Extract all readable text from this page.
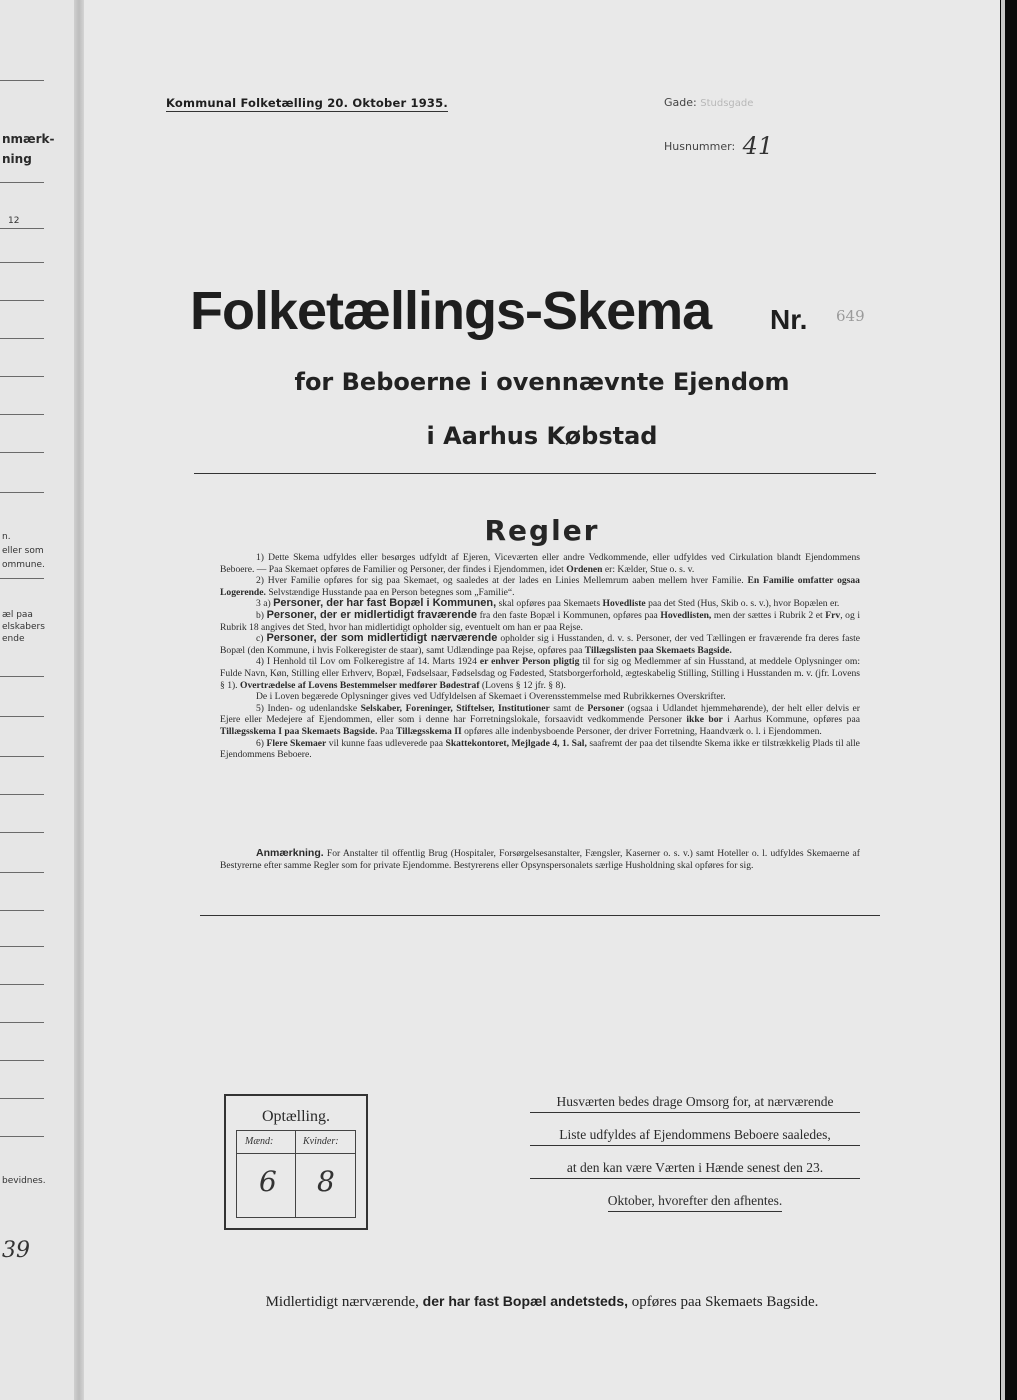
nmærk-
ning
12
n.
eller som
ommune.
æl paa
elskabers
ende
bevidnes.
39
Kommunal Folketælling 20. Oktober 1935.	Gade: Studsgade
Husnummer: 41
Folketællings-Skema Nr. 649
for Beboerne i ovennævnte Ejendom
i Aarhus Købstad
Regler

1) Dette Skema udfyldes eller besørges udfyldt af Ejeren, Viceværten eller andre Vedkommende, eller udfyldes ved Cirkulation blandt Ejendommens Beboere. — Paa Skemaet opføres de Familier og Personer, der findes i Ejendommen, idet Ordenen er: Kælder, Stue o. s. v.

2) Hver Familie opføres for sig paa Skemaet, og saaledes at der lades en Linies Mellemrum aaben mellem hver Familie. En Familie omfatter ogsaa Logerende. Selvstændige Husstande paa en Person betegnes som „Familie“.

3 a) Personer, der har fast Bopæl i Kommunen, skal opføres paa Skemaets Hovedliste paa det Sted (Hus, Skib o. s. v.), hvor Bopælen er.

b) Personer, der er midlertidigt fraværende fra den faste Bopæl i Kommunen, opføres paa Hovedlisten, men der sættes i Rubrik 2 et Frv, og i Rubrik 18 angives det Sted, hvor han midlertidigt opholder sig, eventuelt om han er paa Rejse.

c) Personer, der som midlertidigt nærværende opholder sig i Husstanden, d. v. s. Personer, der ved Tællingen er fraværende fra deres faste Bopæl (den Kommune, i hvis Folkeregister de staar), samt Udlændinge paa Rejse, opføres paa Tillægslisten paa Skemaets Bagside.

4) I Henhold til Lov om Folkeregistre af 14. Marts 1924 er enhver Person pligtig til for sig og Medlemmer af sin Husstand, at meddele Oplysninger om: Fulde Navn, Køn, Stilling eller Erhverv, Bopæl, Fødselsaar, Fødselsdag og Fødested, Statsborgerforhold, ægteskabelig Stilling, Stilling i Husstanden m. v. (jfr. Lovens § 1). Overtrædelse af Lovens Bestemmelser medfører Bødestraf (Lovens § 12 jfr. § 8).

De i Loven begærede Oplysninger gives ved Udfyldelsen af Skemaet i Overensstemmelse med Rubrikkernes Overskrifter.

5) Inden- og udenlandske Selskaber, Foreninger, Stiftelser, Institutioner samt de Personer (ogsaa i Udlandet hjemmehørende), der helt eller delvis er Ejere eller Medejere af Ejendommen, eller som i denne har Forretningslokale, forsaavidt vedkommende Personer ikke bor i Aarhus Kommune, opføres paa Tillægsskema I paa Skemaets Bagside. Paa Tillægsskema II opføres alle indenbysboende Personer, der driver Forretning, Haandværk o. l. i Ejendommen.

6) Flere Skemaer vil kunne faas udleverede paa Skattekontoret, Mejlgade 4, 1. Sal, saafremt der paa det tilsendte Skema ikke er tilstrækkelig Plads til alle Ejendommens Beboere.

Anmærkning. For Anstalter til offentlig Brug (Hospitaler, Forsørgelsesanstalter, Fængsler, Kaserner o. s. v.) samt Hoteller o. l. udfyldes Skemaerne af Bestyrerne efter samme Regler som for private Ejendomme. Bestyrerens eller Opsynspersonalets særlige Husholdning skal opføres for sig.

Optælling.
Mænd:	Kvinder:
6 8
Husværten bedes drage Omsorg for, at nærværende
Liste udfyldes af Ejendommens Beboere saaledes,
at den kan være Værten i Hænde senest den 23.
Oktober, hvorefter den afhentes.
Midlertidigt nærværende, der har fast Bopæl andetsteds, opføres paa Skemaets Bagside.
